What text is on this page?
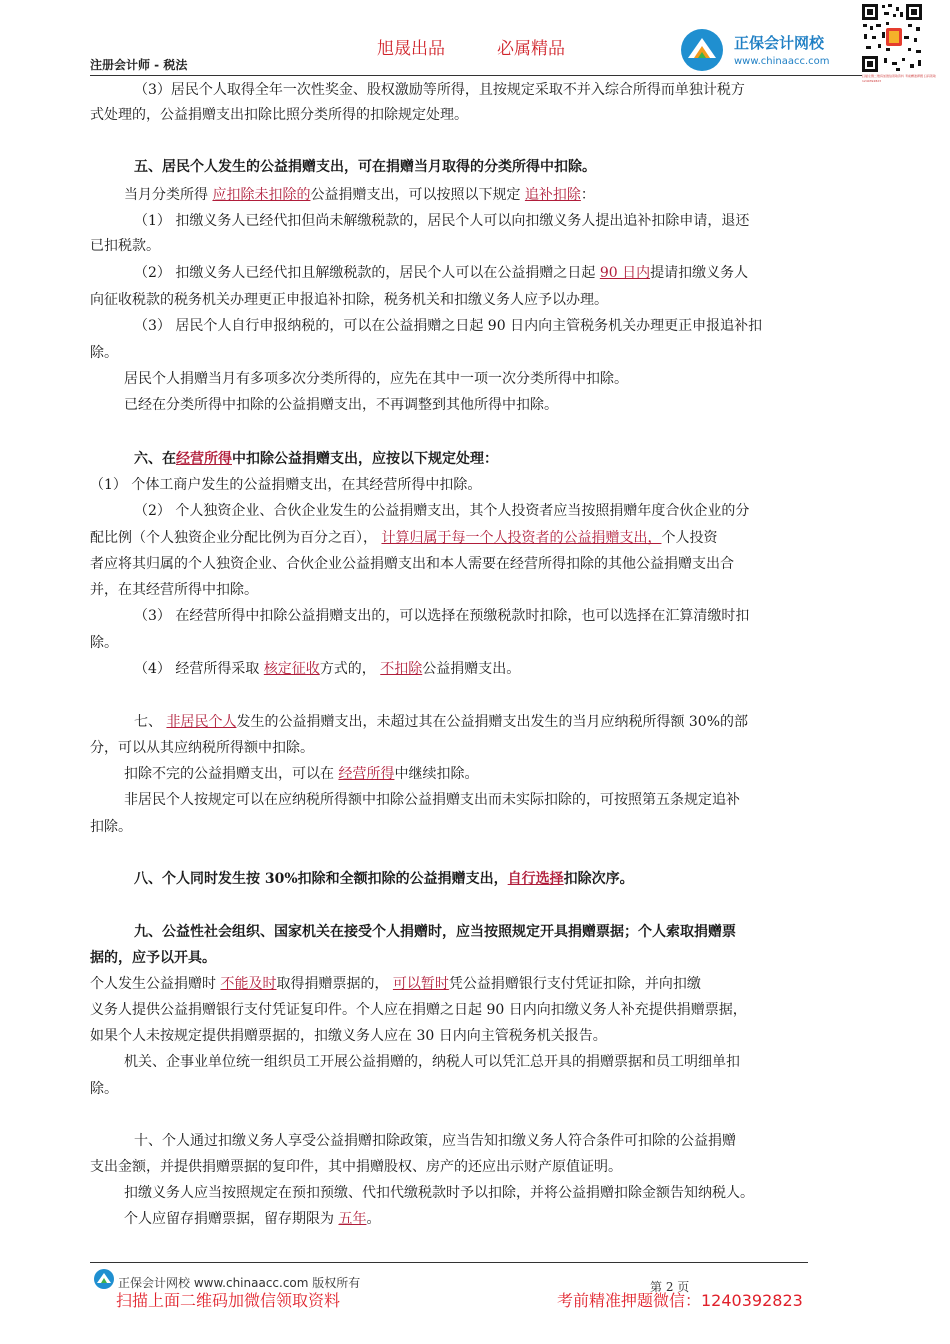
旭晟出品	必属精品
注册会计师 - 税法
正保会计网校
www.chinaacc.com
扫描左侧二维码加微信领取资料 考前精准押题 扫码领取 1240392823
（3）居民个人取得全年一次性奖金、股权激励等所得，且按规定采取不并入综合所得而单独计税方
式处理的，公益捐赠支出扣除比照分类所得的扣除规定处理。
五、居民个人发生的公益捐赠支出，可在捐赠当月取得的分类所得中扣除。
当月分类所得 应扣除未扣除的公益捐赠支出，可以按照以下规定 追补扣除：
（1） 扣缴义务人已经代扣但尚未解缴税款的，居民个人可以向扣缴义务人提出追补扣除申请，退还
已扣税款。
（2） 扣缴义务人已经代扣且解缴税款的，居民个人可以在公益捐赠之日起 90 日内提请扣缴义务人
向征收税款的税务机关办理更正申报追补扣除，税务机关和扣缴义务人应予以办理。
（3） 居民个人自行申报纳税的，可以在公益捐赠之日起 90 日内向主管税务机关办理更正申报追补扣
除。
居民个人捐赠当月有多项多次分类所得的，应先在其中一项一次分类所得中扣除。
已经在分类所得中扣除的公益捐赠支出，不再调整到其他所得中扣除。
六、在经营所得中扣除公益捐赠支出，应按以下规定处理：
（1） 个体工商户发生的公益捐赠支出，在其经营所得中扣除。
（2） 个人独资企业、合伙企业发生的公益捐赠支出，其个人投资者应当按照捐赠年度合伙企业的分
配比例（个人独资企业分配比例为百分之百）， 计算归属于每一个人投资者的公益捐赠支出，个人投资
者应将其归属的个人独资企业、合伙企业公益捐赠支出和本人需要在经营所得扣除的其他公益捐赠支出合
并，在其经营所得中扣除。
（3） 在经营所得中扣除公益捐赠支出的，可以选择在预缴税款时扣除，也可以选择在汇算清缴时扣
除。
（4） 经营所得采取 核定征收方式的， 不扣除公益捐赠支出。
七、 非居民个人发生的公益捐赠支出，未超过其在公益捐赠支出发生的当月应纳税所得额 30%的部
分，可以从其应纳税所得额中扣除。
扣除不完的公益捐赠支出，可以在 经营所得中继续扣除。
非居民个人按规定可以在应纳税所得额中扣除公益捐赠支出而未实际扣除的，可按照第五条规定追补
扣除。
八、个人同时发生按 30%扣除和全额扣除的公益捐赠支出，自行选择扣除次序。
九、公益性社会组织、国家机关在接受个人捐赠时，应当按照规定开具捐赠票据；个人索取捐赠票
据的，应予以开具。
个人发生公益捐赠时 不能及时取得捐赠票据的， 可以暂时凭公益捐赠银行支付凭证扣除，并向扣缴
义务人提供公益捐赠银行支付凭证复印件。个人应在捐赠之日起 90 日内向扣缴义务人补充提供捐赠票据，
如果个人未按规定提供捐赠票据的，扣缴义务人应在 30 日内向主管税务机关报告。
机关、企事业单位统一组织员工开展公益捐赠的，纳税人可以凭汇总开具的捐赠票据和员工明细单扣
除。
十、个人通过扣缴义务人享受公益捐赠扣除政策，应当告知扣缴义务人符合条件可扣除的公益捐赠
支出金额，并提供捐赠票据的复印件，其中捐赠股权、房产的还应出示财产原值证明。
扣缴义务人应当按照规定在预扣预缴、代扣代缴税款时予以扣除，并将公益捐赠扣除金额告知纳税人。
个人应留存捐赠票据，留存期限为 五年。
正保会计网校 www.chinaacc.com 版权所有	第 2 页
扫描上面二维码加微信领取资料	考前精准押题微信：1240392823
